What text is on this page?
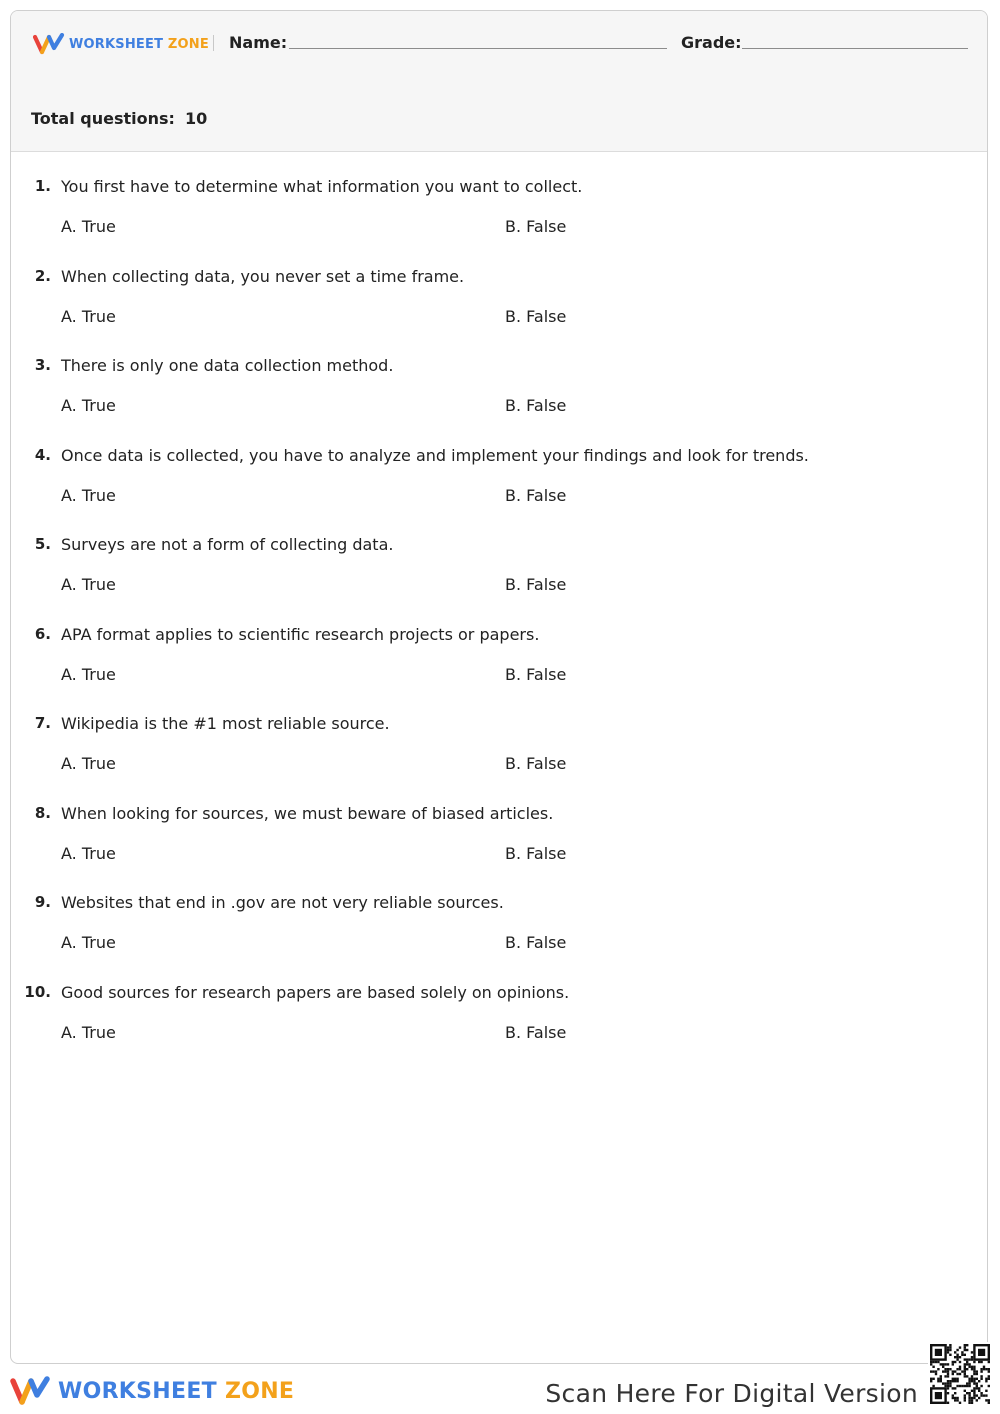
WORKSHEET ZONE Name:	Grade:
Total questions: 10
1. You first have to determine what information you want to collect.
A. True	B. False
2. When collecting data, you never set a time frame.
A. True	B. False
3. There is only one data collection method.
A. True	B. False
4. Once data is collected, you have to analyze and implement your findings and look for trends.
A. True	B. False
5. Surveys are not a form of collecting data.
A. True	B. False
6. APA format applies to scientific research projects or papers.
A. True	B. False
7. Wikipedia is the #1 most reliable source.
A. True	B. False
8. When looking for sources, we must beware of biased articles.
A. True	B. False
9. Websites that end in .gov are not very reliable sources.
A. True	B. False
10. Good sources for research papers are based solely on opinions.
A. True	B. False
WORKSHEET ZONE	Scan Here For Digital Version
